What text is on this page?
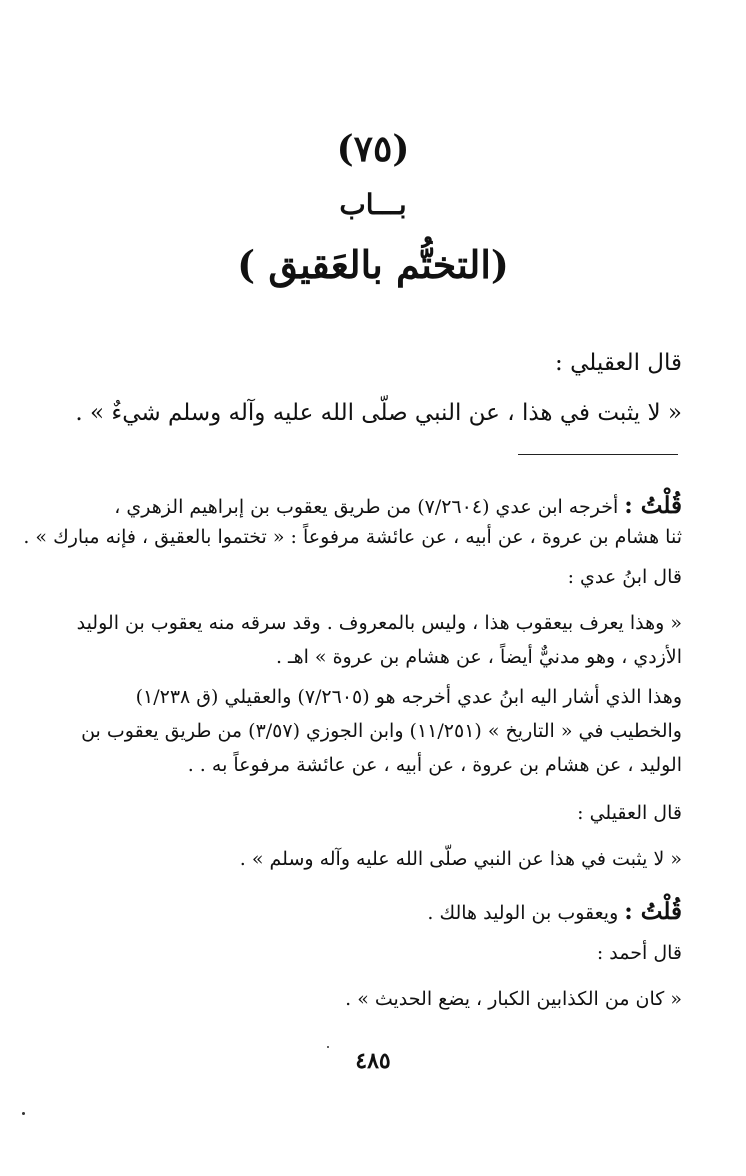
(٧٥)
بـــاب
(التختُّم بالعَقيق )
قال العقيلي :
« لا يثبت في هذا ، عن النبي صلّى الله عليه وآله وسلم شيءٌ » .
قُلْتُ : أخرجه ابن عدي (٧/٢٦٠٤) من طريق يعقوب بن إبراهيم الزهري ،
ثنا هشام بن عروة ، عن أبيه ، عن عائشة مرفوعاً : « تختموا بالعقيق ، فإنه مبارك » .
قال ابنُ عدي :
« وهذا يعرف بيعقوب هذا ، وليس بالمعروف . وقد سرقه منه يعقوب بن الوليد
الأزدي ، وهو مدنيٌّ أيضاً ، عن هشام بن عروة » اهـ .
وهذا الذي أشار اليه ابنُ عدي أخرجه هو (٧/٢٦٠٥) والعقيلي (ق ١/٢٣٨)
والخطيب في « التاريخ » (١١/٢٥١) وابن الجوزي (٣/٥٧) من طريق يعقوب بن
الوليد ، عن هشام بن عروة ، عن أبيه ، عن عائشة مرفوعاً به . .
قال العقيلي :
« لا يثبت في هذا عن النبي صلّى الله عليه وآله وسلم » .
قُلْتُ : ويعقوب بن الوليد هالك .
قال أحمد :
« كان من الكذابين الكبار ، يضع الحديث » .
٤٨٥
